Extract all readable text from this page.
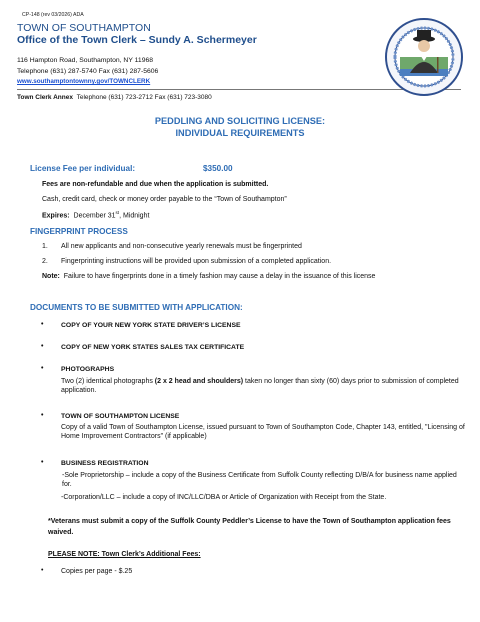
CP-148 (rev 03/2026) ADA
TOWN OF SOUTHAMPTON
Office of the Town Clerk – Sundy A. Schermeyer
116 Hampton Road, Southampton, NY 11968
Telephone (631) 287-5740 Fax (631) 287-5606
www.southamptontownny.gov/TOWNCLERK
Town Clerk Annex Telephone (631) 723-2712 Fax (631) 723-3080
PEDDLING AND SOLICITING LICENSE:
INDIVIDUAL REQUIREMENTS
License Fee per individual:	$350.00
Fees are non-refundable and due when the application is submitted.
Cash, credit card, check or money order payable to the “Town of Southampton”
Expires: December 31st, Midnight
FINGERPRINT PROCESS
1. All new applicants and non-consecutive yearly renewals must be fingerprinted
2. Fingerprinting instructions will be provided upon submission of a completed application.
Note: Failure to have fingerprints done in a timely fashion may cause a delay in the issuance of this license
DOCUMENTS TO BE SUBMITTED WITH APPLICATION:
•	COPY OF YOUR NEW YORK STATE DRIVER’S LICENSE
•	COPY OF NEW YORK STATES SALES TAX CERTIFICATE
•	PHOTOGRAPHS
Two (2) identical photographs (2 x 2 head and shoulders) taken no longer than sixty (60) days prior to submission of completed application.
•	TOWN OF SOUTHAMPTON LICENSE
Copy of a valid Town of Southampton License, issued pursuant to Town of Southampton Code, Chapter 143, entitled, "Licensing of Home Improvement Contractors" (if applicable)
•	BUSINESS REGISTRATION
-Sole Proprietorship – include a copy of the Business Certificate from Suffolk County reflecting D/B/A for business name applied for.
-Corporation/LLC – include a copy of INC/LLC/DBA or Article of Organization with Receipt from the State.
*Veterans must submit a copy of the Suffolk County Peddler’s License to have the Town of Southampton application fees waived.
PLEASE NOTE: Town Clerk’s Additional Fees:
•	Copies per page - $.25
